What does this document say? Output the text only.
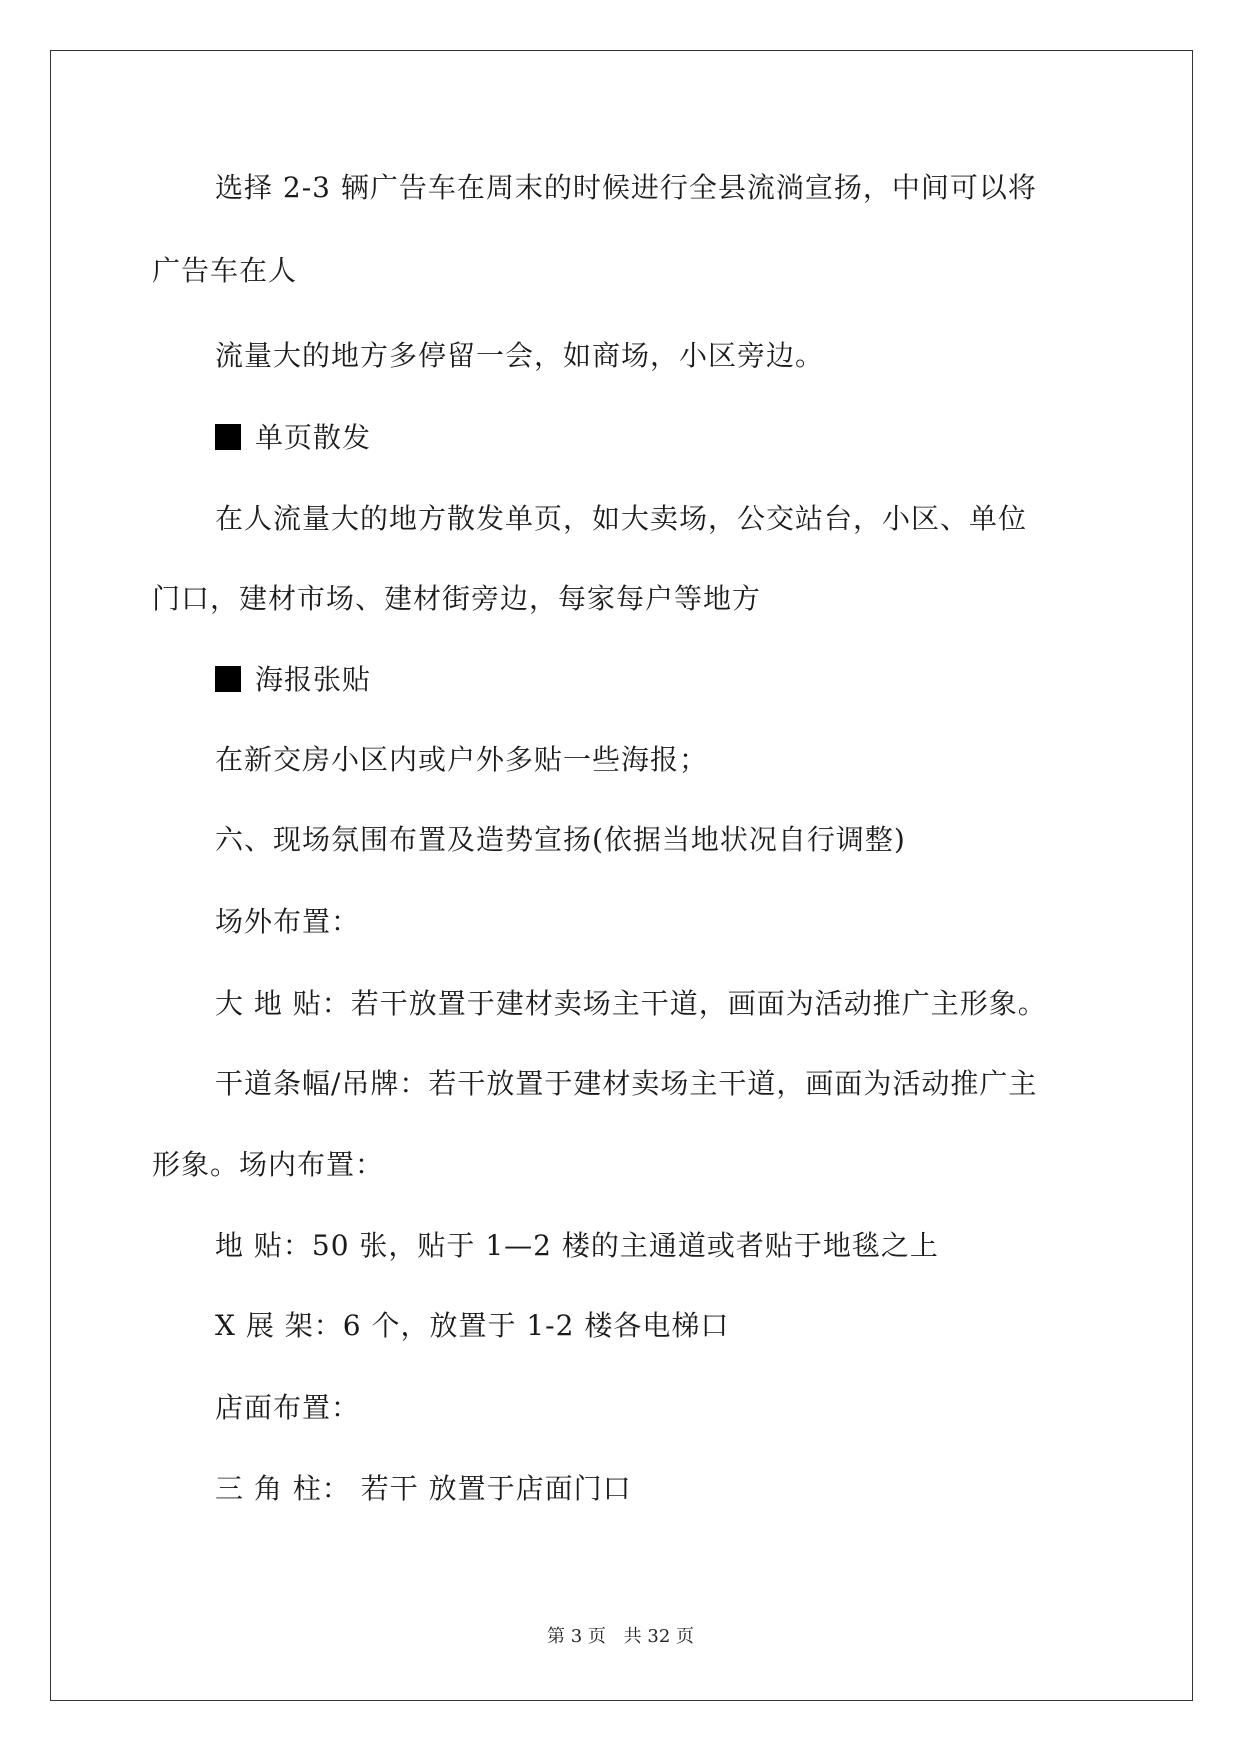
选择 2-3 辆广告车在周末的时候进行全县流淌宣扬，中间可以将
广告车在人
流量大的地方多停留一会，如商场，小区旁边。
单页散发
在人流量大的地方散发单页，如大卖场，公交站台，小区、单位
门口，建材市场、建材街旁边，每家每户等地方
海报张贴
在新交房小区内或户外多贴一些海报；
六、现场氛围布置及造势宣扬(依据当地状况自行调整)
场外布置：
大 地 贴：若干放置于建材卖场主干道，画面为活动推广主形象。
干道条幅/吊牌：若干放置于建材卖场主干道，画面为活动推广主
形象。场内布置：
地 贴：50 张，贴于 1—2 楼的主通道或者贴于地毯之上
X 展 架：6 个，放置于 1-2 楼各电梯口
店面布置：
三 角 柱： 若干 放置于店面门口
第 3 页 共 32 页
